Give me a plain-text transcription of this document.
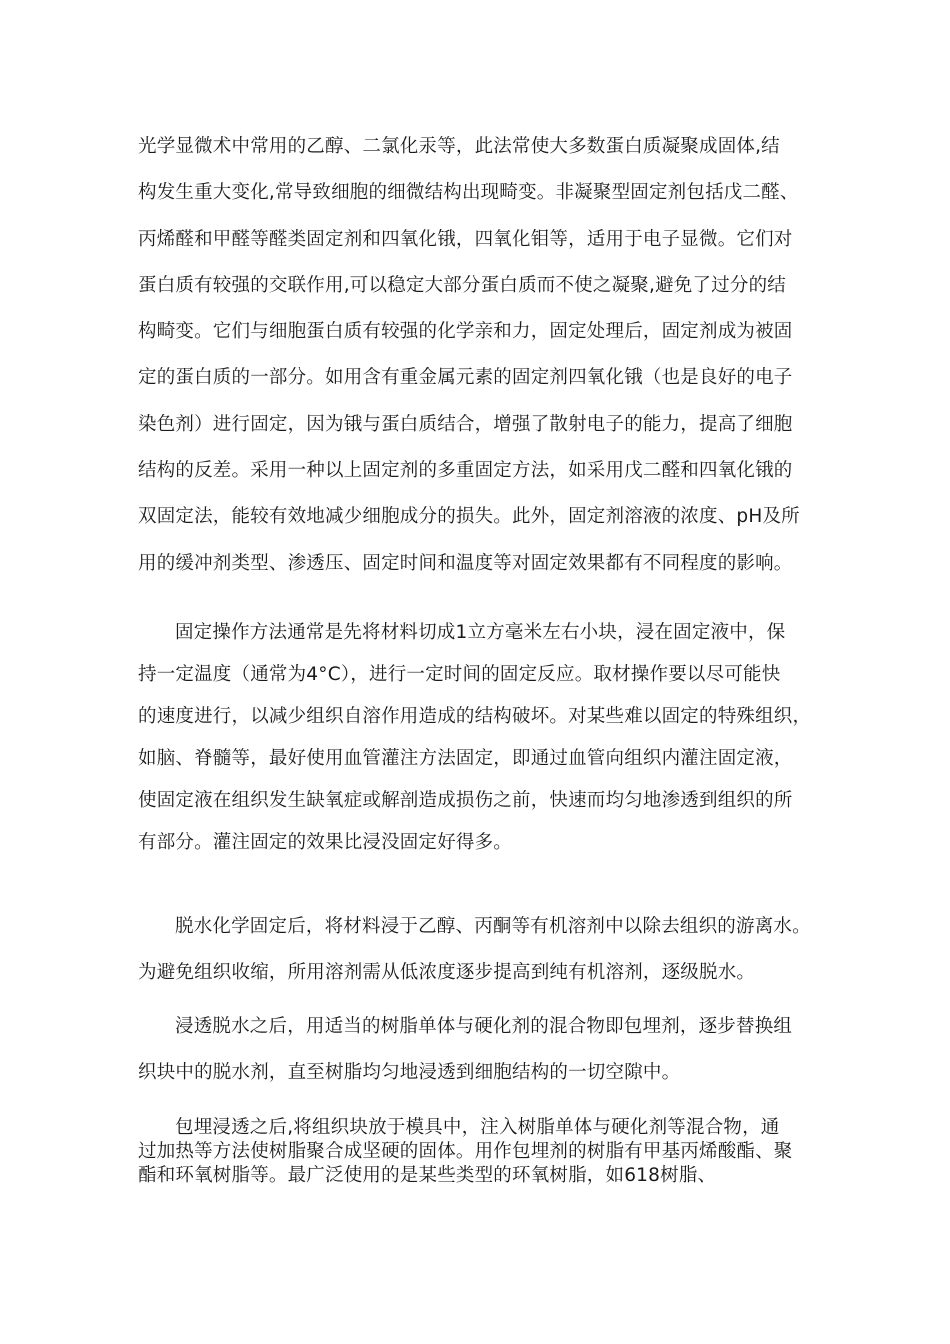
光学显微术中常用的乙醇、二氯化汞等，此法常使大多数蛋白质凝聚成固体,结
构发生重大变化,常导致细胞的细微结构出现畸变。非凝聚型固定剂包括戊二醛、
丙烯醛和甲醛等醛类固定剂和四氧化锇，四氧化钼等，适用于电子显微。它们对
蛋白质有较强的交联作用,可以稳定大部分蛋白质而不使之凝聚,避免了过分的结
构畸变。它们与细胞蛋白质有较强的化学亲和力，固定处理后，固定剂成为被固
定的蛋白质的一部分。如用含有重金属元素的固定剂四氧化锇（也是良好的电子
染色剂）进行固定，因为锇与蛋白质结合，增强了散射电子的能力，提高了细胞
结构的反差。采用一种以上固定剂的多重固定方法，如采用戊二醛和四氧化锇的
双固定法，能较有效地减少细胞成分的损失。此外，固定剂溶液的浓度、pH及所
用的缓冲剂类型、渗透压、固定时间和温度等对固定效果都有不同程度的影响。
固定操作方法通常是先将材料切成1立方毫米左右小块，浸在固定液中，保
持一定温度（通常为4°C），进行一定时间的固定反应。取材操作要以尽可能快
的速度进行，以减少组织自溶作用造成的结构破坏。对某些难以固定的特殊组织，
如脑、脊髓等，最好使用血管灌注方法固定，即通过血管向组织内灌注固定液，
使固定液在组织发生缺氧症或解剖造成损伤之前，快速而均匀地渗透到组织的所
有部分。灌注固定的效果比浸没固定好得多。
脱水化学固定后，将材料浸于乙醇、丙酮等有机溶剂中以除去组织的游离水。
为避免组织收缩，所用溶剂需从低浓度逐步提高到纯有机溶剂，逐级脱水。
浸透脱水之后，用适当的树脂单体与硬化剂的混合物即包埋剂，逐步替换组
织块中的脱水剂，直至树脂均匀地浸透到细胞结构的一切空隙中。
包埋浸透之后,将组织块放于模具中，注入树脂单体与硬化剂等混合物，通
过加热等方法使树脂聚合成坚硬的固体。用作包埋剂的树脂有甲基丙烯酸酯、聚
酯和环氧树脂等。最广泛使用的是某些类型的环氧树脂，如618树脂、
